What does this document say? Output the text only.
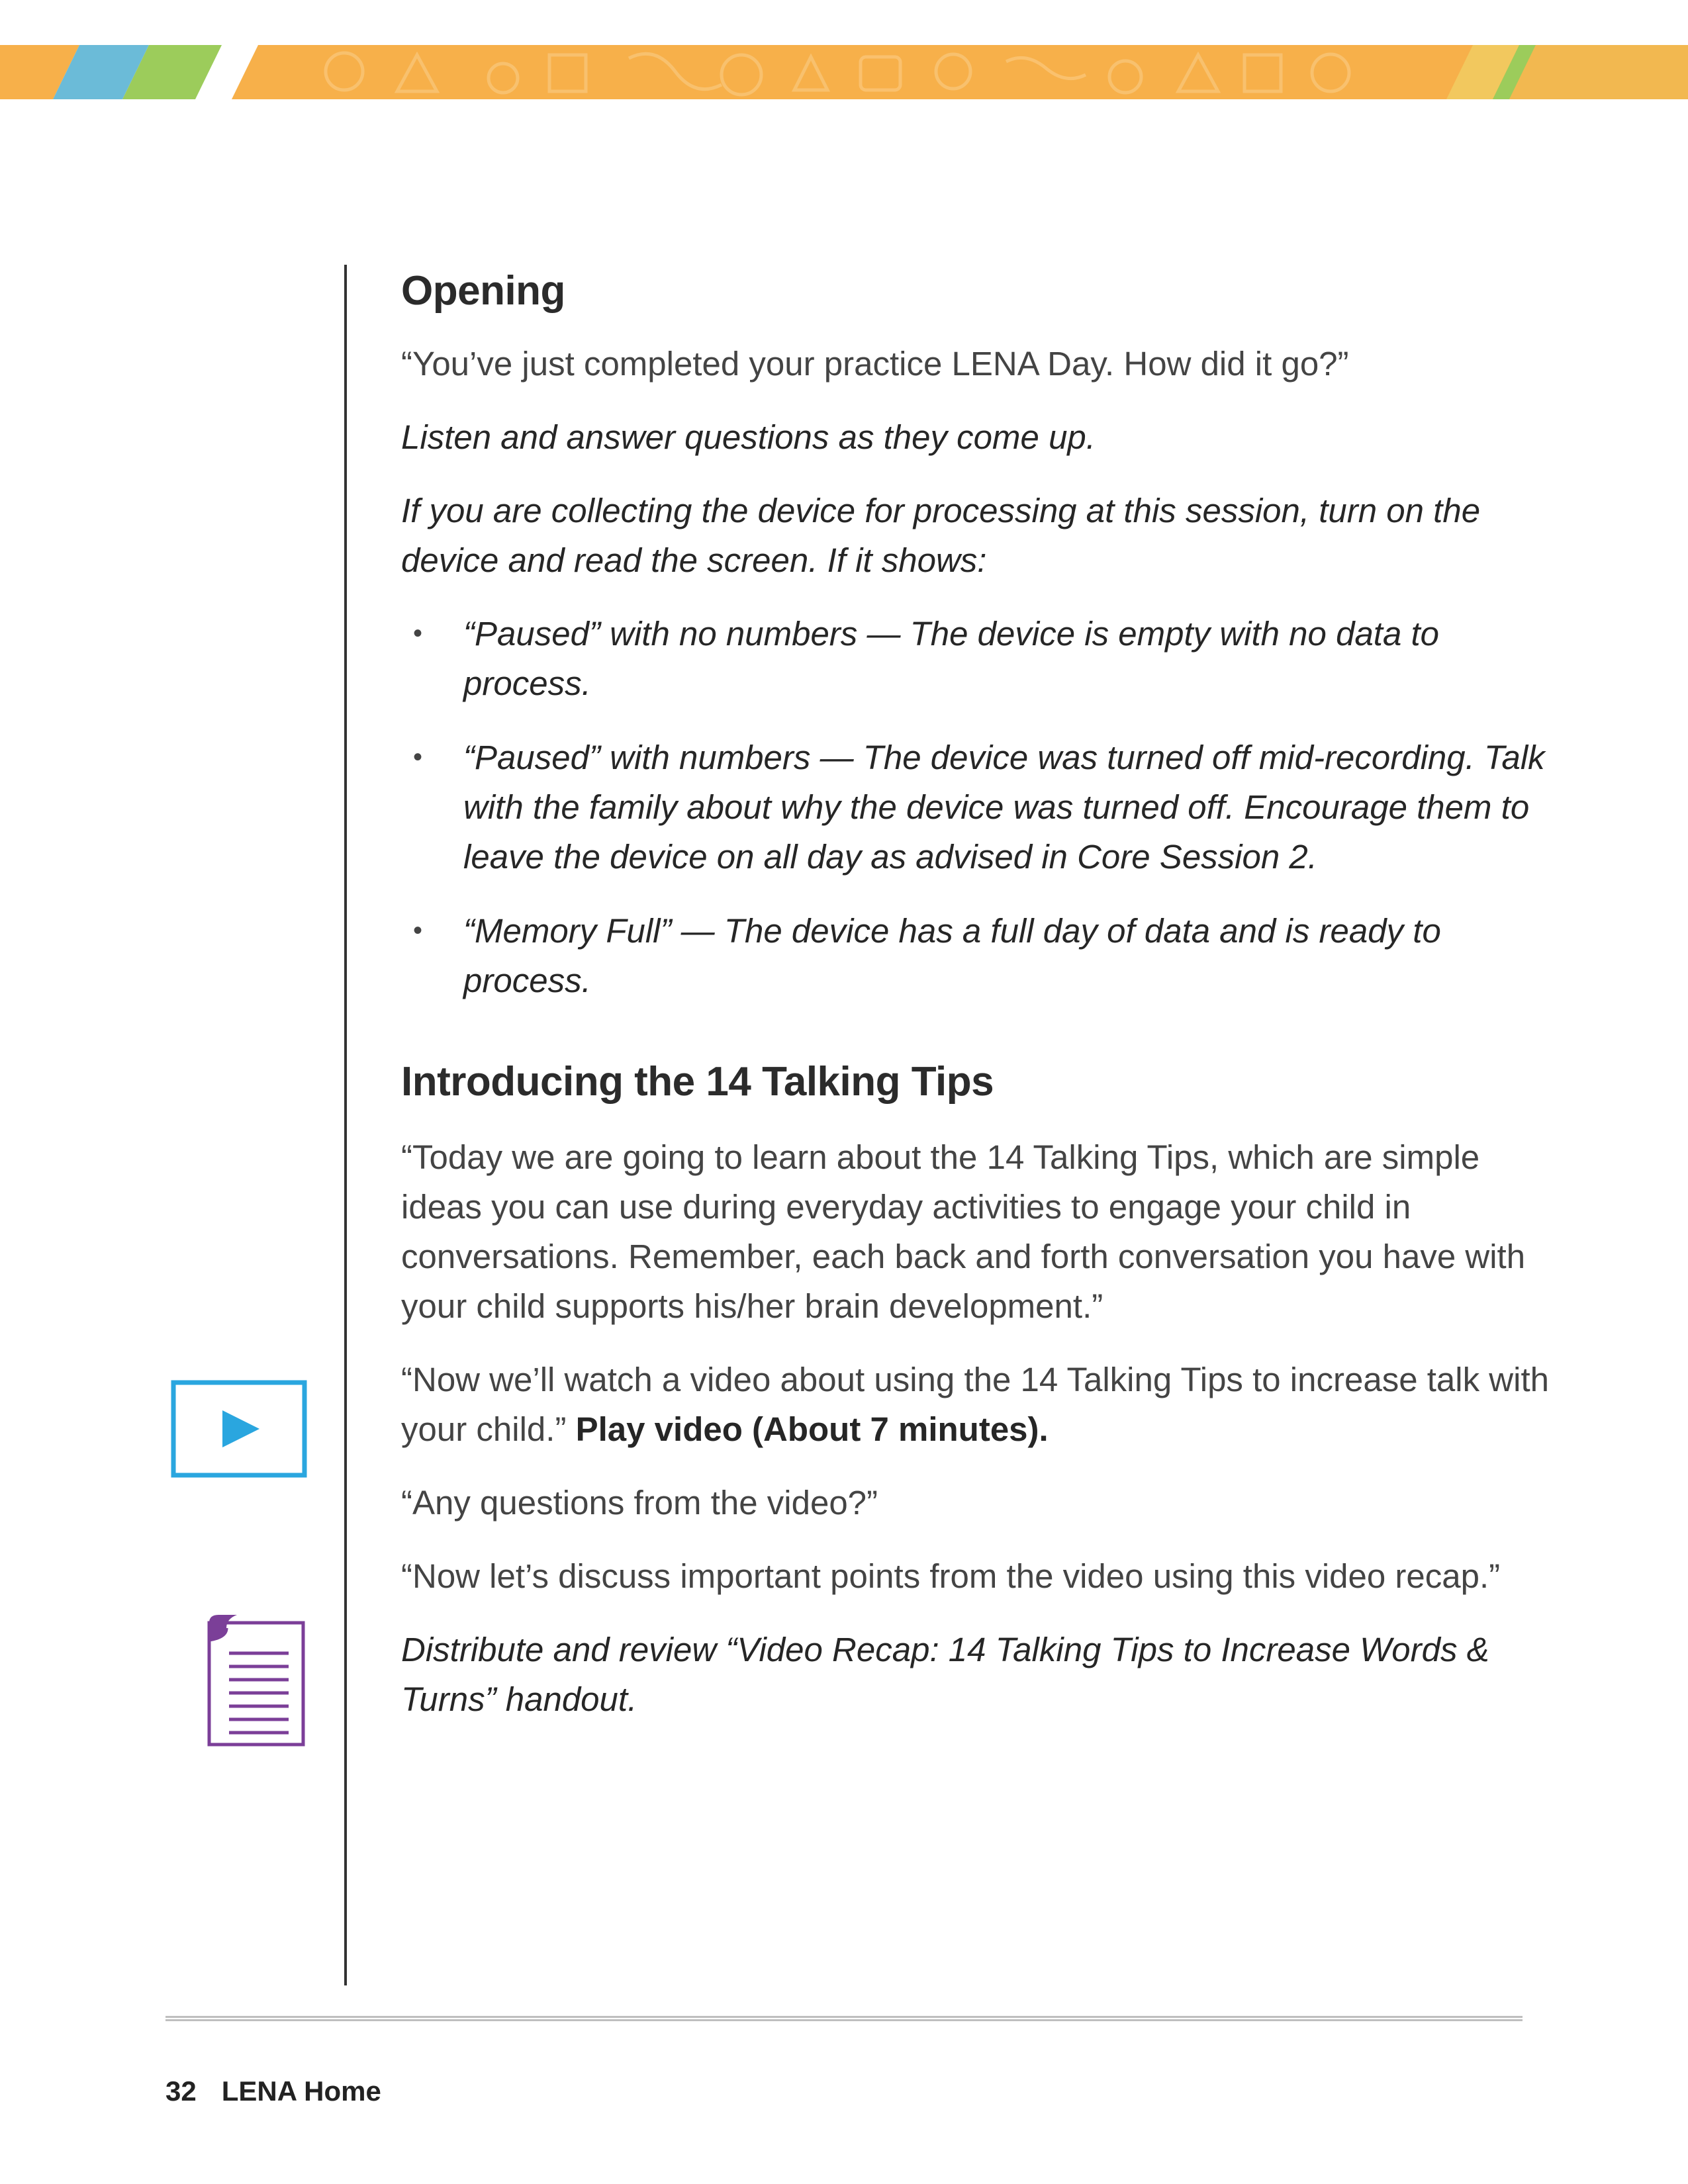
Opening

“You’ve just completed your practice LENA Day. How did it go?”

Listen and answer questions as they come up.

If you are collecting the device for processing at this session, turn on the device and read the screen. If it shows:

• “Paused” with no numbers — The device is empty with no data to process.
• “Paused” with numbers — The device was turned off mid-recording. Talk with the family about why the device was turned off. Encourage them to leave the device on all day as advised in Core Session 2.
• “Memory Full” — The device has a full day of data and is ready to process.
Introducing the 14 Talking Tips

“Today we are going to learn about the 14 Talking Tips, which are simple ideas you can use during everyday activities to engage your child in conversations. Remember, each back and forth conversation you have with your child supports his/her brain development.”

“Now we’ll watch a video about using the 14 Talking Tips to increase talk with your child.” Play video (About 7 minutes).

“Any questions from the video?”

“Now let’s discuss important points from the video using this video recap.”

Distribute and review “Video Recap: 14 Talking Tips to Increase Words & Turns” handout.

32 LENA Home
